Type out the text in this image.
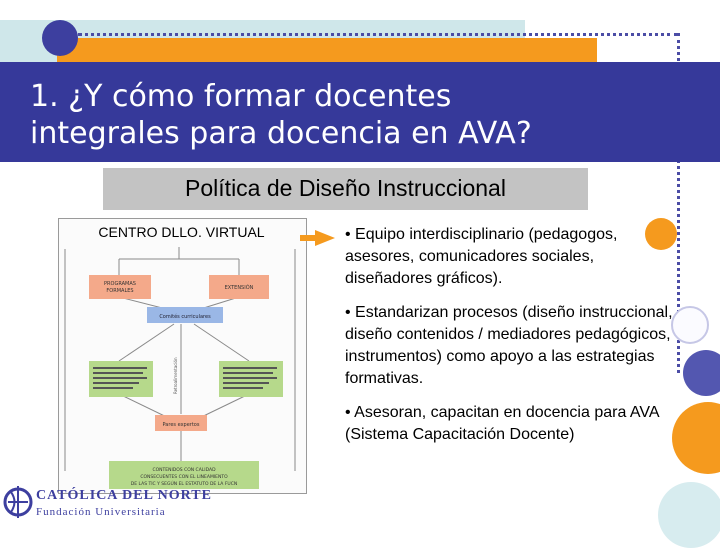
1. ¿Y cómo formar docentes
integrales para docencia en AVA?
Política de Diseño Instruccional
PROGRAMAS
FORMALES	EXTENSIÓN
Comités curriculares
Pares expertos
CONTENIDOS CON CALIDAD
CONSECUENTES CON EL LINEAMIENTO
DE LAS TIC Y SEGÚN EL ESTATUTO DE LA FUCN
Retroalimentación
CENTRO DLLO. VIRTUAL	• Equipo interdisciplinario (pedagogos, asesores, comunicadores sociales, diseñadores gráficos).
• Estandarizan procesos (diseño instruccional, diseño contenidos / mediadores pedagógicos, instrumentos) como apoyo a las estrategias formativas.
• Asesoran, capacitan en docencia para AVA (Sistema Capacitación Docente)
CATÓLICA DEL NORTE
Fundación Universitaria
